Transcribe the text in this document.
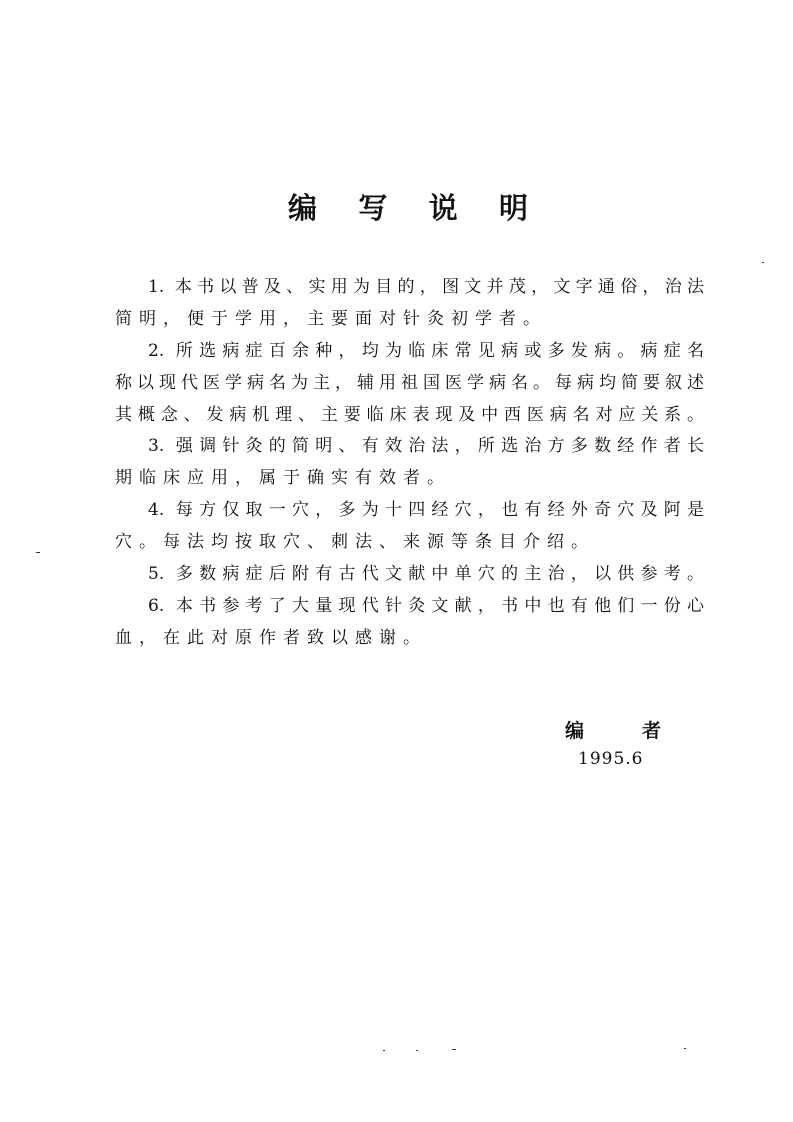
编写说明
1. 本书以普及、实用为目的，图文并茂，文字通俗，治法
简明，便于学用，主要面对针灸初学者。
2. 所选病症百余种，均为临床常见病或多发病。病症名
称以现代医学病名为主，辅用祖国医学病名。每病均简要叙述
其概念、发病机理、主要临床表现及中西医病名对应关系。
3. 强调针灸的简明、有效治法，所选治方多数经作者长
期临床应用，属于确实有效者。
4. 每方仅取一穴，多为十四经穴，也有经外奇穴及阿是
穴。每法均按取穴、刺法、来源等条目介绍。
5. 多数病症后附有古代文献中单穴的主治，以供参考。
6. 本书参考了大量现代针灸文献，书中也有他们一份心
血，在此对原作者致以感谢。
编者
1995.6
